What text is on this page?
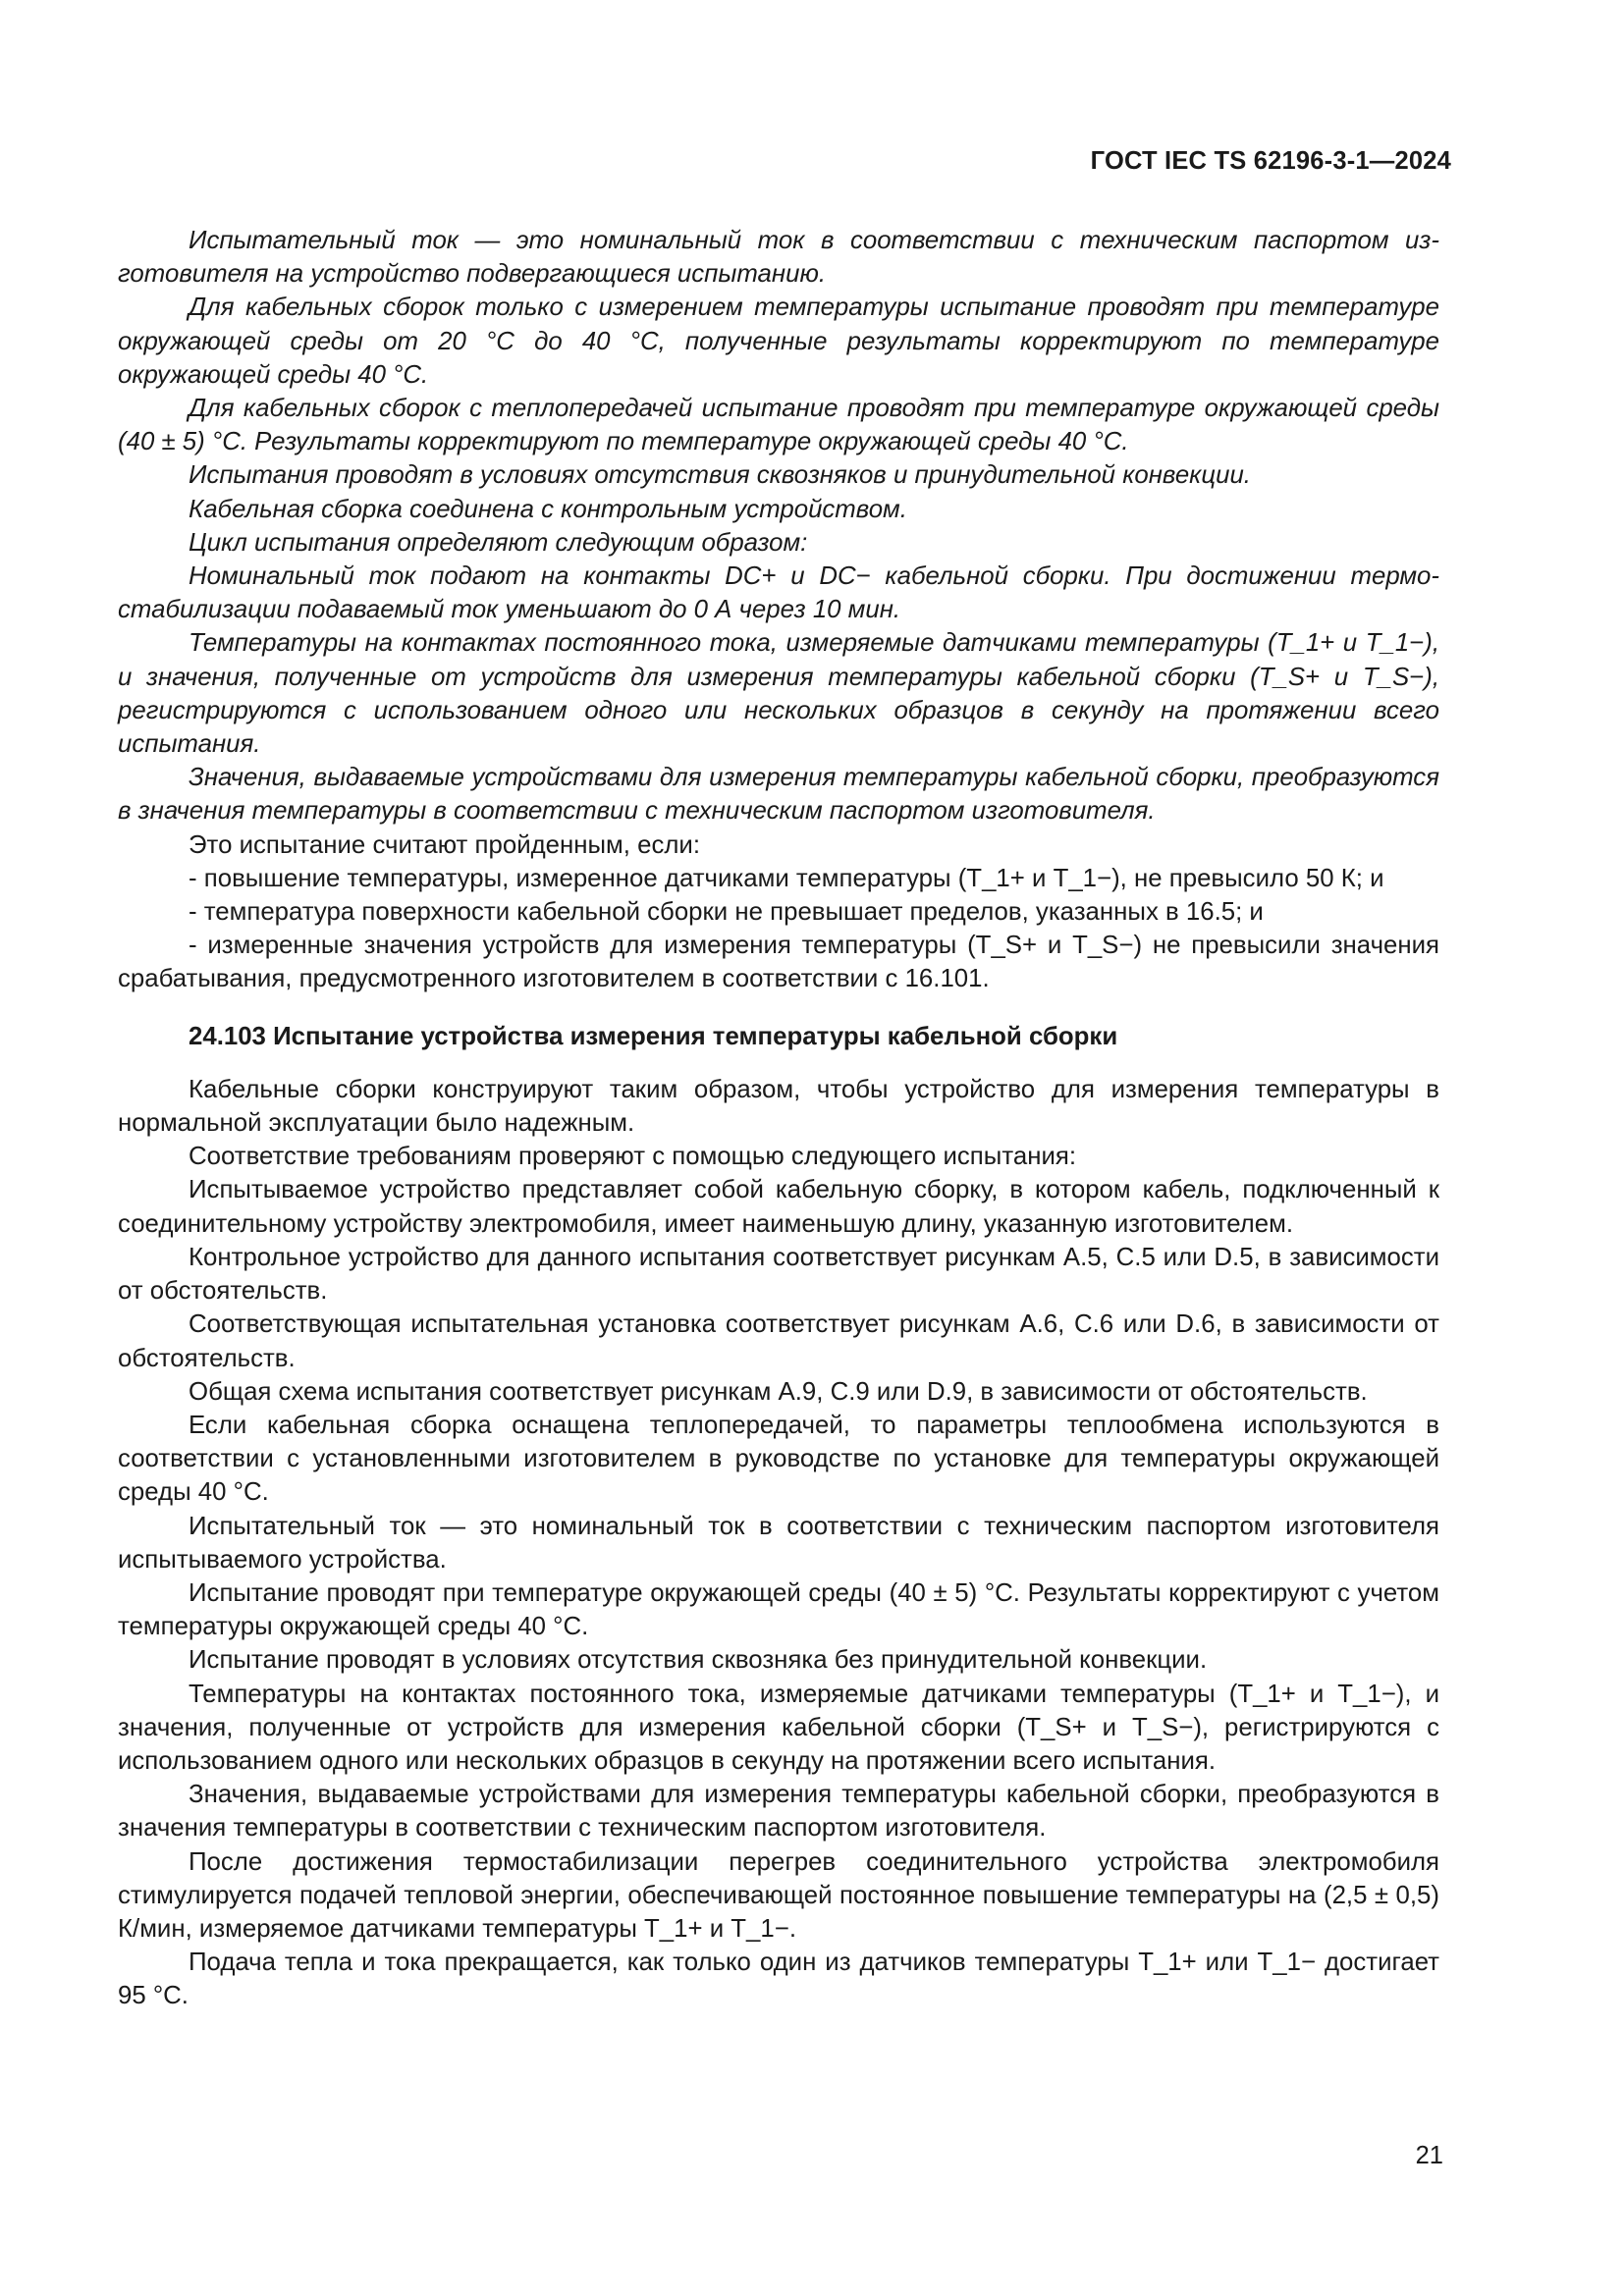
ГОСТ IEC TS 62196-3-1—2024

Испытательный ток — это номинальный ток в соответствии с техническим паспортом изготовителя на устройство подвергающиеся испытанию.

Для кабельных сборок только с измерением температуры испытание проводят при температуре окружающей среды от 20 °C до 40 °C, полученные результаты корректируют по температуре окружающей среды 40 °C.

Для кабельных сборок с теплопередачей испытание проводят при температуре окружающей среды (40 ± 5) °C. Результаты корректируют по температуре окружающей среды 40 °C.

Испытания проводят в условиях отсутствия сквозняков и принудительной конвекции.

Кабельная сборка соединена с контрольным устройством.

Цикл испытания определяют следующим образом:

Номинальный ток подают на контакты DC+ и DC− кабельной сборки. При достижении термостабилизации подаваемый ток уменьшают до 0 А через 10 мин.

Температуры на контактах постоянного тока, измеряемые датчиками температуры (T_1+ и T_1−), и значения, полученные от устройств для измерения температуры кабельной сборки (T_S+ и T_S−), регистрируются с использованием одного или нескольких образцов в секунду на протяжении всего испытания.

Значения, выдаваемые устройствами для измерения температуры кабельной сборки, преобразуются в значения температуры в соответствии с техническим паспортом изготовителя.

Это испытание считают пройденным, если:

- повышение температуры, измеренное датчиками температуры (T_1+ и T_1−), не превысило 50 К; и

- температура поверхности кабельной сборки не превышает пределов, указанных в 16.5; и

- измеренные значения устройств для измерения температуры (T_S+ и T_S−) не превысили значения срабатывания, предусмотренного изготовителем в соответствии с 16.101.

24.103 Испытание устройства измерения температуры кабельной сборки

Кабельные сборки конструируют таким образом, чтобы устройство для измерения температуры в нормальной эксплуатации было надежным.

Соответствие требованиям проверяют с помощью следующего испытания:

Испытываемое устройство представляет собой кабельную сборку, в котором кабель, подключенный к соединительному устройству электромобиля, имеет наименьшую длину, указанную изготовителем.

Контрольное устройство для данного испытания соответствует рисункам А.5, С.5 или D.5, в зависимости от обстоятельств.

Соответствующая испытательная установка соответствует рисункам А.6, С.6 или D.6, в зависимости от обстоятельств.

Общая схема испытания соответствует рисункам А.9, С.9 или D.9, в зависимости от обстоятельств.

Если кабельная сборка оснащена теплопередачей, то параметры теплообмена используются в соответствии с установленными изготовителем в руководстве по установке для температуры окружающей среды 40 °C.

Испытательный ток — это номинальный ток в соответствии с техническим паспортом изготовителя испытываемого устройства.

Испытание проводят при температуре окружающей среды (40 ± 5) °C. Результаты корректируют с учетом температуры окружающей среды 40 °C.

Испытание проводят в условиях отсутствия сквозняка без принудительной конвекции.

Температуры на контактах постоянного тока, измеряемые датчиками температуры (T_1+ и T_1−), и значения, полученные от устройств для измерения кабельной сборки (T_S+ и T_S−), регистрируются с использованием одного или нескольких образцов в секунду на протяжении всего испытания.

Значения, выдаваемые устройствами для измерения температуры кабельной сборки, преобразуются в значения температуры в соответствии с техническим паспортом изготовителя.

После достижения термостабилизации перегрев соединительного устройства электромобиля стимулируется подачей тепловой энергии, обеспечивающей постоянное повышение температуры на (2,5 ± 0,5) К/мин, измеряемое датчиками температуры T_1+ и T_1−.

Подача тепла и тока прекращается, как только один из датчиков температуры T_1+ или T_1− достигает 95 °C.

21
